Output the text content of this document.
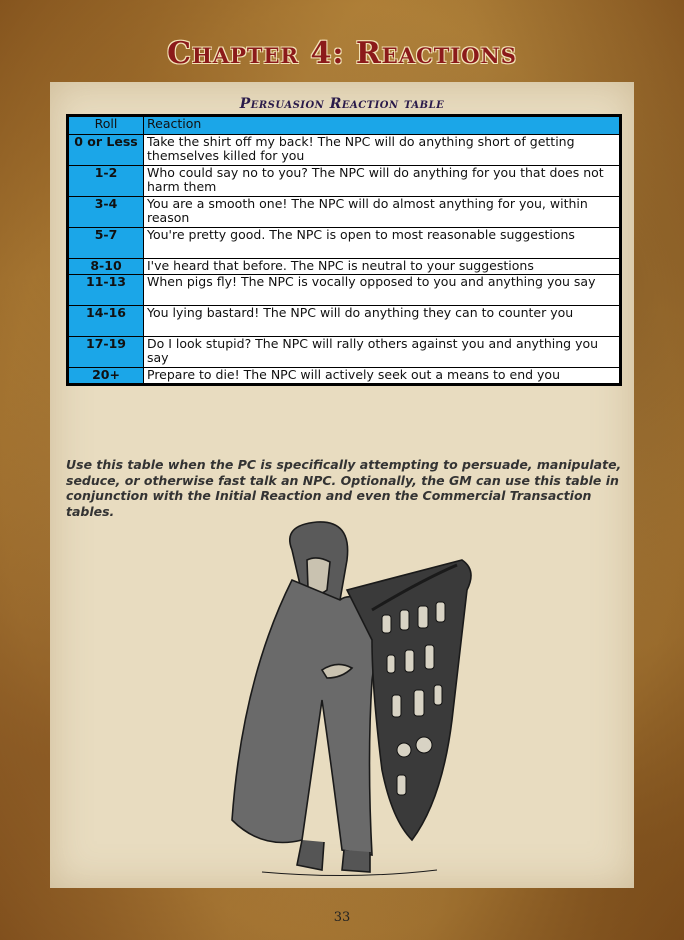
Chapter 4: Reactions
Persuasion Reaction table
Roll	Reaction
0 or Less	Take the shirt off my back! The NPC will do anything short of getting themselves killed for you
1-2	Who could say no to you? The NPC will do anything for you that does not harm them
3-4	You are a smooth one! The NPC will do almost anything for you, within reason
5-7	You're pretty good. The NPC is open to most reasonable suggestions
8-10	I've heard that before. The NPC is neutral to your suggestions
11-13	When pigs fly! The NPC is vocally opposed to you and anything you say
14-16	You lying bastard! The NPC will do anything they can to counter you
17-19	Do I look stupid? The NPC will rally others against you and anything you say
20+	Prepare to die! The NPC will actively seek out a means to end you
Use this table when the PC is specifically attempting to persuade, manipulate, seduce, or otherwise fast talk an NPC. Optionally, the GM can use this table in conjunction with the Initial Reaction and even the Commercial Transaction tables.
33
